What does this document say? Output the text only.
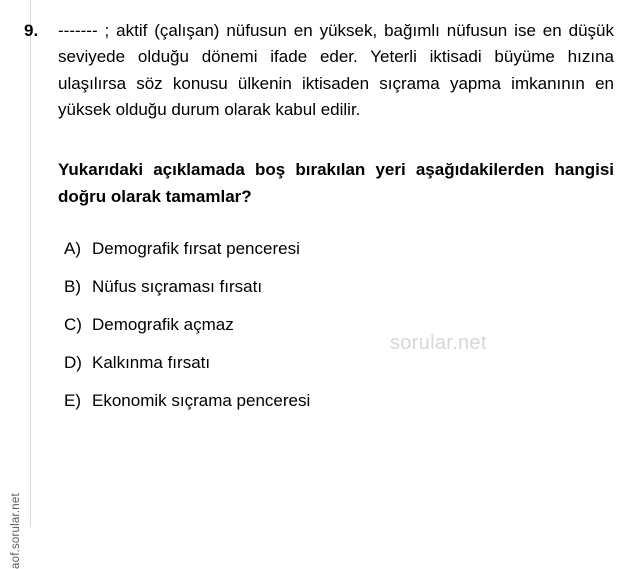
aof.sorular.net
sorular.net
9.	------- ; aktif (çalışan) nüfusun en yüksek, bağımlı nüfusun ise en düşük seviyede olduğu dönemi ifade eder. Yeterli iktisadi büyüme hızına ulaşılırsa söz konusu ülkenin iktisaden sıçrama yapma imkanının en yüksek olduğu durum olarak kabul edilir.

Yukarıdaki açıklamada boş bırakılan yeri aşağıdakilerden hangisi doğru olarak tamamlar?

A) Demografik fırsat penceresi
B) Nüfus sıçraması fırsatı
C) Demografik açmaz
D) Kalkınma fırsatı
E) Ekonomik sıçrama penceresi
